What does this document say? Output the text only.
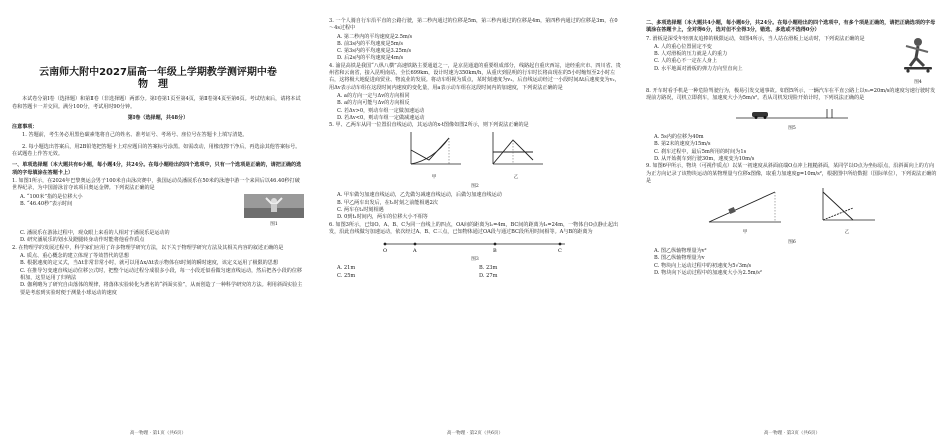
云南师大附中2027届高一年级上学期教学测评期中卷
物理

本试卷分第Ⅰ卷（选择题）和第Ⅱ卷（非选择题）两部分。第Ⅰ卷第1页至第4页，第Ⅱ卷第4页至第6页。考试结束后，请将本试卷和答题卡一并交回。满分100分，考试用时90分钟。

第Ⅰ卷（选择题，共48分）
注意事项：

1. 答题前，考生务必用黑色碳素笔将自己的姓名、准考证号、考场号、座位号在答题卡上填写清楚。

2. 每小题选出答案后，用2B铅笔把答题卡上对应题目的答案标号涂黑。如需改动，用橡皮擦干净后，再选涂其他答案标号。在试题卷上作答无效。

一、单项选择题（本大题共有6小题，每小题4分，共24分。在每小题给出的四个选项中，只有一个选项是正确的，请把正确的选项的字母填涂在答题卡上）
1. 如图1所示，在2024年巴黎奥运会男子100米自由泳决赛中，我国运动员潘展乐在50米的泳池中游一个来回后以46.40秒打破世界纪录，为中国游泳首夺该项目奥运金牌。下列说法正确的是

A. “100米”指的是位移大小

B. “46.40秒”表示时间

图1

C. 潘展乐在游泳过程中，观众眼上来看的人相对于潘展乐是运动的

D. 研究潘展乐的划水及蹬腿转身动作时能将他看作质点

2. 在物理学的发展过程中，科学家们应用了许多物理学研究方法，以下关于物理学研究方法及其相关内容的叙述正确的是

A. 质点、重心概念的建立体现了等效替代的思想

B. 根据速度的定义式，当Δt非常非常小时，就可以用Δx/Δt表示物体在t时刻的瞬时速度，该定义运用了极限的思想

C. 在推导匀变速直线运动位移公式时，把整个运动过程分成很多小段，每一小段近似看做匀速直线运动，然后把各小段的位移相加，这里运用了归纳法

D. 伽利略为了研究自由落体的规律，将落体实验转化为著名的“斜面实验”，从而创造了一种科学研究的方法。利用斜面实验主要是考虑到实验时便于测量小球运动的速度

高一物理 · 第1页（共6页）
3. 一个人骑自行车沿平直的公路行驶，第二秒内通过的位移是5m，第三秒内通过的位移是4m，第四秒内通过的位移是3m，在0～4s过程中

A. 第二秒内的平均速度是2.5m/s

B. 前3s内的平均速度是5m/s

C. 第3s内的平均速度是3.25m/s

D. 后2s内的平均速度是4m/s

4. 渝昆高铁是我国“八纵八横”高速铁路主要通道之一，是京昆通道的重要组成部分，线路起自重庆西站，途经重庆市、四川省、贵州省和云南省，接入昆明南站，全长699km，设计时速为350km/h，从重庆到昆明的行车时长将由现在的5小时缩短至2小时左右，这将极大地促进商贸业、物流业的发展。将动车组视为质点，某时刻速度为v₁，后直线运动经过一小段时间Δt后速度变为v₂，用Δv表示动车组在这段时间内速度的变化量，用a表示动车组在这段时间内的加速度，下列说法正确的是

A. a的方向一定与Δv的方向相同

B. a的方向可能与Δv的方向相反

C. 若Δv>0，则动车组一定做加速运动

D. 若Δv<0，则动车组一定做减速运动

5. 甲、乙两车从同一位置沿直线运动，其运动的x-t图像如图2所示，则下列说法正确的是
甲	乙
图2

A. 甲车做匀加速直线运动，乙先做匀减速直线运动，后做匀加速直线运动

B. 甲乙两车出发后，在t₁时刻之前能相遇2次

C. 两车在t₁时刻相遇

D. 0到t₁时间内，两车的位移大小不相等

6. 如图3所示，已知O、A、B、C为同一直线上的四点，OA间的距离为l₁=4m，BC间的距离为l₂=24m，一物体自O点静止起出发，沿此直线做匀加速运动，依次经过A、B、C三点，已知物体通过OA段与通过BC段所用时间相等。A与B的距离为
O	A	B	C
图3
A. 21m	B. 23m
C. 25m	D. 27m
高一物理 · 第2页（共6页）
二、多项选择题（本大题共4小题，每小题6分，共24分。在每小题给出的四个选项中，有多个项是正确的，请把正确选项的字母填涂在答题卡上，全对得6分，选对但不全得3分，错选、多选或不选得0分）
7. 滑板是深受年轻朋友追捧的极限运动，如图4所示，当人站在滑板上运动时，下列说法正确的是

A. 人的重心位置固定不变

B. 人对滑板的压力就是人的重力

C. 人的重心不一定在人身上

D. 水平地面对滑板的弹力方向竖直向上

图4
8. 开车时看手机是一种危险驾驶行为，极易引发交通事故。如图5所示，一辆汽车在平直公路上以v₀=20m/s的速度匀速行驶时发现前方路况，司机立即刹车，加速度大小为5m/s²。若从司机发现险开始计时，下列说法正确的是
图5

A. 5s内的位移为40m

B. 第2末的速度为15m/s

C. 刹车过程中，最后5m所用的时间为1s

D. 从开始刹车到行驶30m，速度变为10m/s

9. 如图6甲所示，物块（可视作质点）以某一初速度从斜面底端O点冲上粗糙斜面，某同学以O点为坐标原点，沿斜面向上的方向为正方向记录了该物块运动的某物理量与位移x图像，取重力加速度g=10m/s²，根据图中所给数据（国际单位），下列说法正确的是
甲	乙
图6

A. 图乙纵轴物理量为v²

B. 图乙纵轴物理量为v

C. 物块向上运动过程中的初速度为5√3m/s

D. 物块向下运动过程中的加速度大小为2.5m/s²

高一物理 · 第3页（共6页）
